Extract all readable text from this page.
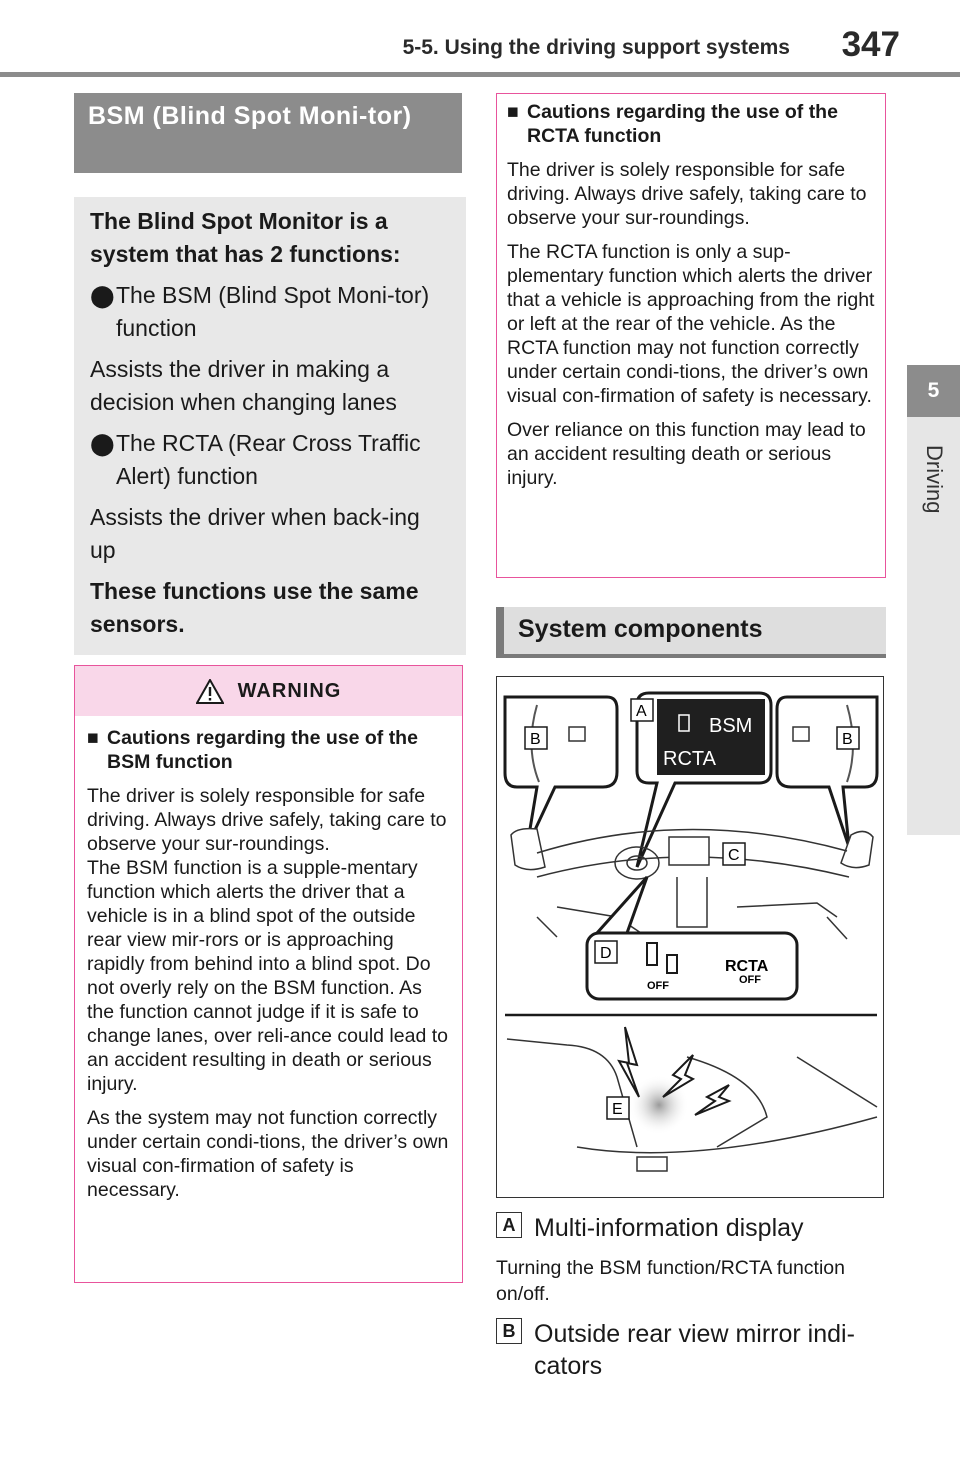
5-5. Using the driving support systems 347
5
Driving
BSM (Blind Spot Moni-tor)
The Blind Spot Monitor is a system that has 2 functions:
⬤ The BSM (Blind Spot Moni-tor) function

Assists the driver in making a decision when changing lanes

⬤ The RCTA (Rear Cross Traffic Alert) function

Assists the driver when back-ing up

These functions use the same sensors.

WARNING
■ Cautions regarding the use of the BSM function

The driver is solely responsible for safe driving. Always drive safely, taking care to observe your sur-roundings.
The BSM function is a supple-mentary function which alerts the driver that a vehicle is in a blind spot of the outside rear view mir-rors or is approaching rapidly from behind into a blind spot. Do not overly rely on the BSM function. As the function cannot judge if it is safe to change lanes, over reli-ance could lead to an accident resulting in death or serious injury.

As the system may not function correctly under certain condi-tions, the driver’s own visual con-firmation of safety is necessary.

■ Cautions regarding the use of the RCTA function

The driver is solely responsible for safe driving. Always drive safely, taking care to observe your sur-roundings.

The RCTA function is only a sup-plementary function which alerts the driver that a vehicle is approaching from the right or left at the rear of the vehicle. As the RCTA function may not function correctly under certain condi-tions, the driver’s own visual con-firmation of safety is necessary.

Over reliance on this function may lead to an accident resulting death or serious injury.

System components
BSM
RCTA
A
B	B
C
D
OFF
RCTA
OFF
E
A Multi-information display
Turning the BSM function/RCTA function on/off.
B Outside rear view mirror indi-cators
